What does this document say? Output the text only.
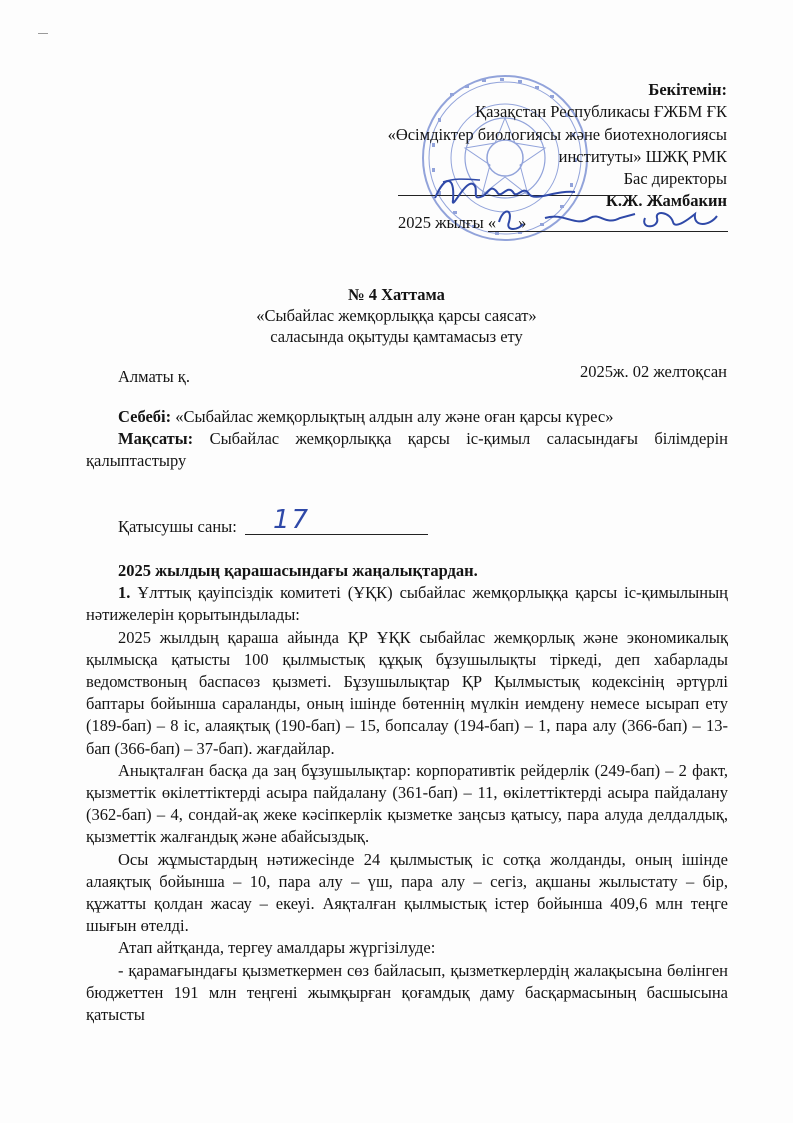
Бекітемін:
Қазақстан Республикасы ҒЖБМ ҒК
«Өсімдіктер биологиясы және биотехнологиясы
институты» ШЖҚ РМК
Бас директоры
К.Ж. Жамбакин
2025 жылғы « »
№ 4 Хаттама
«Сыбайлас жемқорлыққа қарсы саясат»
саласында оқытуды қамтамасыз ету
Алматы қ.	2025ж. 02 желтоқсан

Себебі: «Сыбайлас жемқорлықтың алдын алу және оған қарсы күрес»

Мақсаты: Сыбайлас жемқорлыққа қарсы іс-қимыл саласындағы білімдерін қалыптастыру

Қатысушы саны: 17

2025 жылдың қарашасындағы жаңалықтардан.

1. Ұлттық қауіпсіздік комитеті (ҰҚК) сыбайлас жемқорлыққа қарсы іс-қимылының нәтижелерін қорытындылады:

2025 жылдың қараша айында ҚР ҰҚК сыбайлас жемқорлық және экономикалық қылмысқа қатысты 100 қылмыстық құқық бұзушылықты тіркеді, деп хабарлады ведомствоның баспасөз қызметі. Бұзушылықтар ҚР Қылмыстық кодексінің әртүрлі баптары бойынша сараланды, оның ішінде бөтеннің мүлкін иемдену немесе ысырап ету (189-бап) – 8 іс, алаяқтық (190-бап) – 15, бопсалау (194-бап) – 1, пара алу (366-бап) – 13-бап (366-бап) – 37-бап). жағдайлар.

Анықталған басқа да заң бұзушылықтар: корпоративтік рейдерлік (249-бап) – 2 факт, қызметтік өкілеттіктерді асыра пайдалану (361-бап) – 11, өкілеттіктерді асыра пайдалану (362-бап) – 4, сондай-ақ жеке кәсіпкерлік қызметке заңсыз қатысу, пара алуда делдалдық, қызметтік жалғандық және абайсыздық.

Осы жұмыстардың нәтижесінде 24 қылмыстық іс сотқа жолданды, оның ішінде алаяқтық бойынша – 10, пара алу – үш, пара алу – сегіз, ақшаны жылыстату – бір, құжатты қолдан жасау – екеуі. Аяқталған қылмыстық істер бойынша 409,6 млн теңге шығын өтелді.

Атап айтқанда, тергеу амалдары жүргізілуде:

- қарамағындағы қызметкермен сөз байласып, қызметкерлердің жалақысына бөлінген бюджеттен 191 млн теңгені жымқырған қоғамдық даму басқармасының басшысына қатысты
